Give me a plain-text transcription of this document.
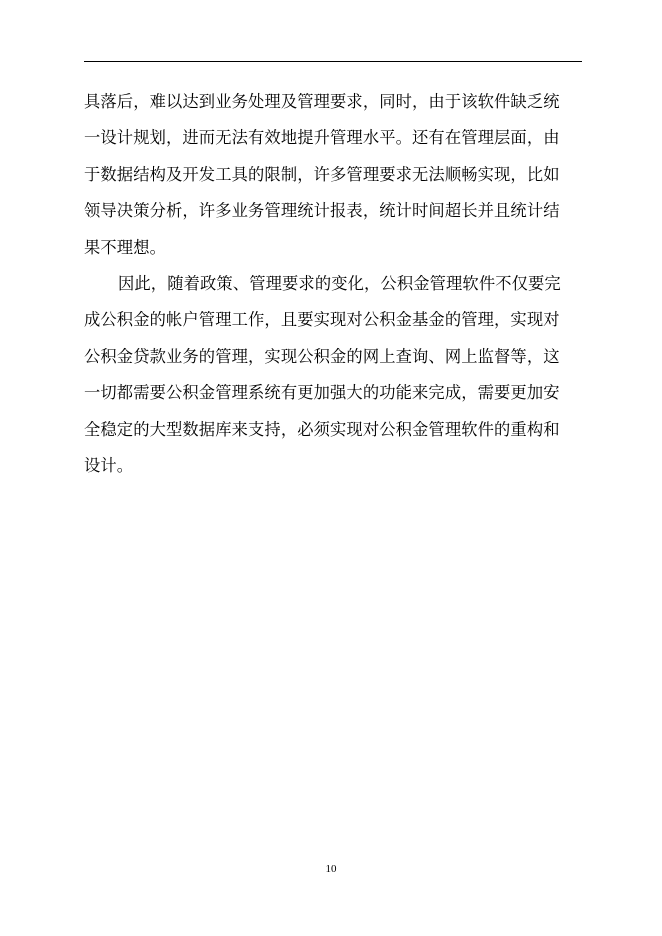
具落后，难以达到业务处理及管理要求，同时，由于该软件缺乏统
一设计规划，进而无法有效地提升管理水平。还有在管理层面，由
于数据结构及开发工具的限制，许多管理要求无法顺畅实现，比如
领导决策分析，许多业务管理统计报表，统计时间超长并且统计结
果不理想。
因此，随着政策、管理要求的变化，公积金管理软件不仅要完
成公积金的帐户管理工作，且要实现对公积金基金的管理，实现对
公积金贷款业务的管理，实现公积金的网上查询、网上监督等，这
一切都需要公积金管理系统有更加强大的功能来完成，需要更加安
全稳定的大型数据库来支持，必须实现对公积金管理软件的重构和
设计。
10
